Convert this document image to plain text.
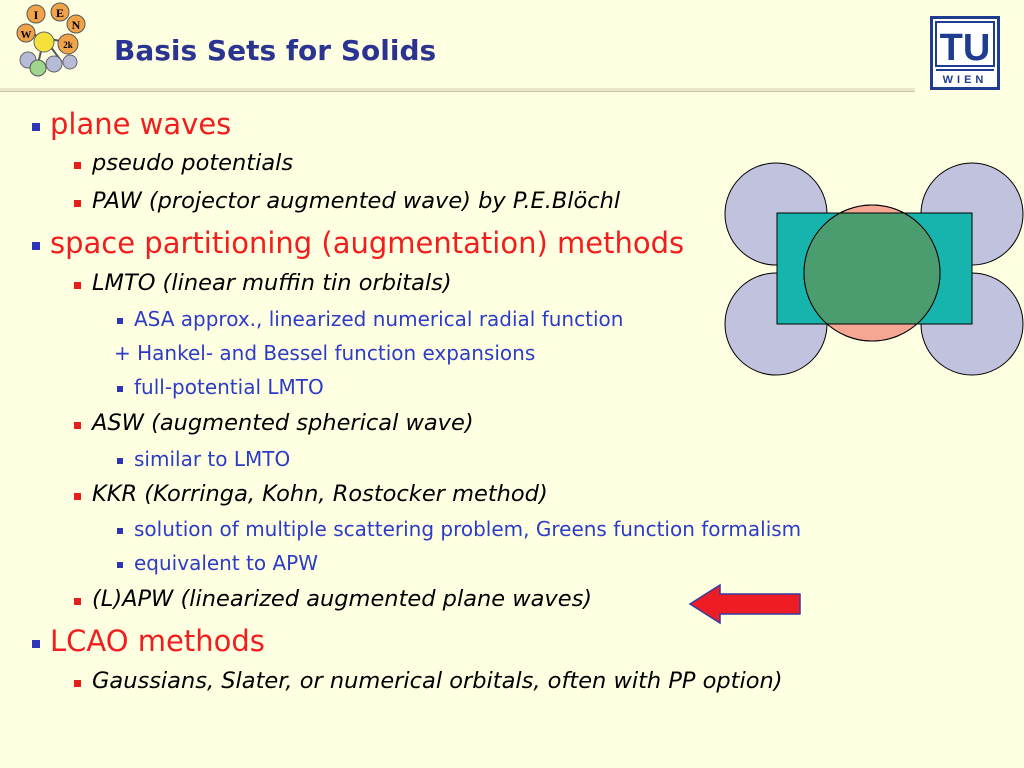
I E
N
W
2k Basis Sets for Solids	TU
WIEN
plane waves
pseudo potentials
PAW (projector augmented wave) by P.E.Blöchl
space partitioning (augmentation) methods
LMTO (linear muffin tin orbitals)
ASA approx., linearized numerical radial function
+ Hankel- and Bessel function expansions
full-potential LMTO
ASW (augmented spherical wave)
similar to LMTO
KKR (Korringa, Kohn, Rostocker method)
solution of multiple scattering problem, Greens function formalism
equivalent to APW
(L)APW (linearized augmented plane waves)
LCAO methods
Gaussians, Slater, or numerical orbitals, often with PP option)
